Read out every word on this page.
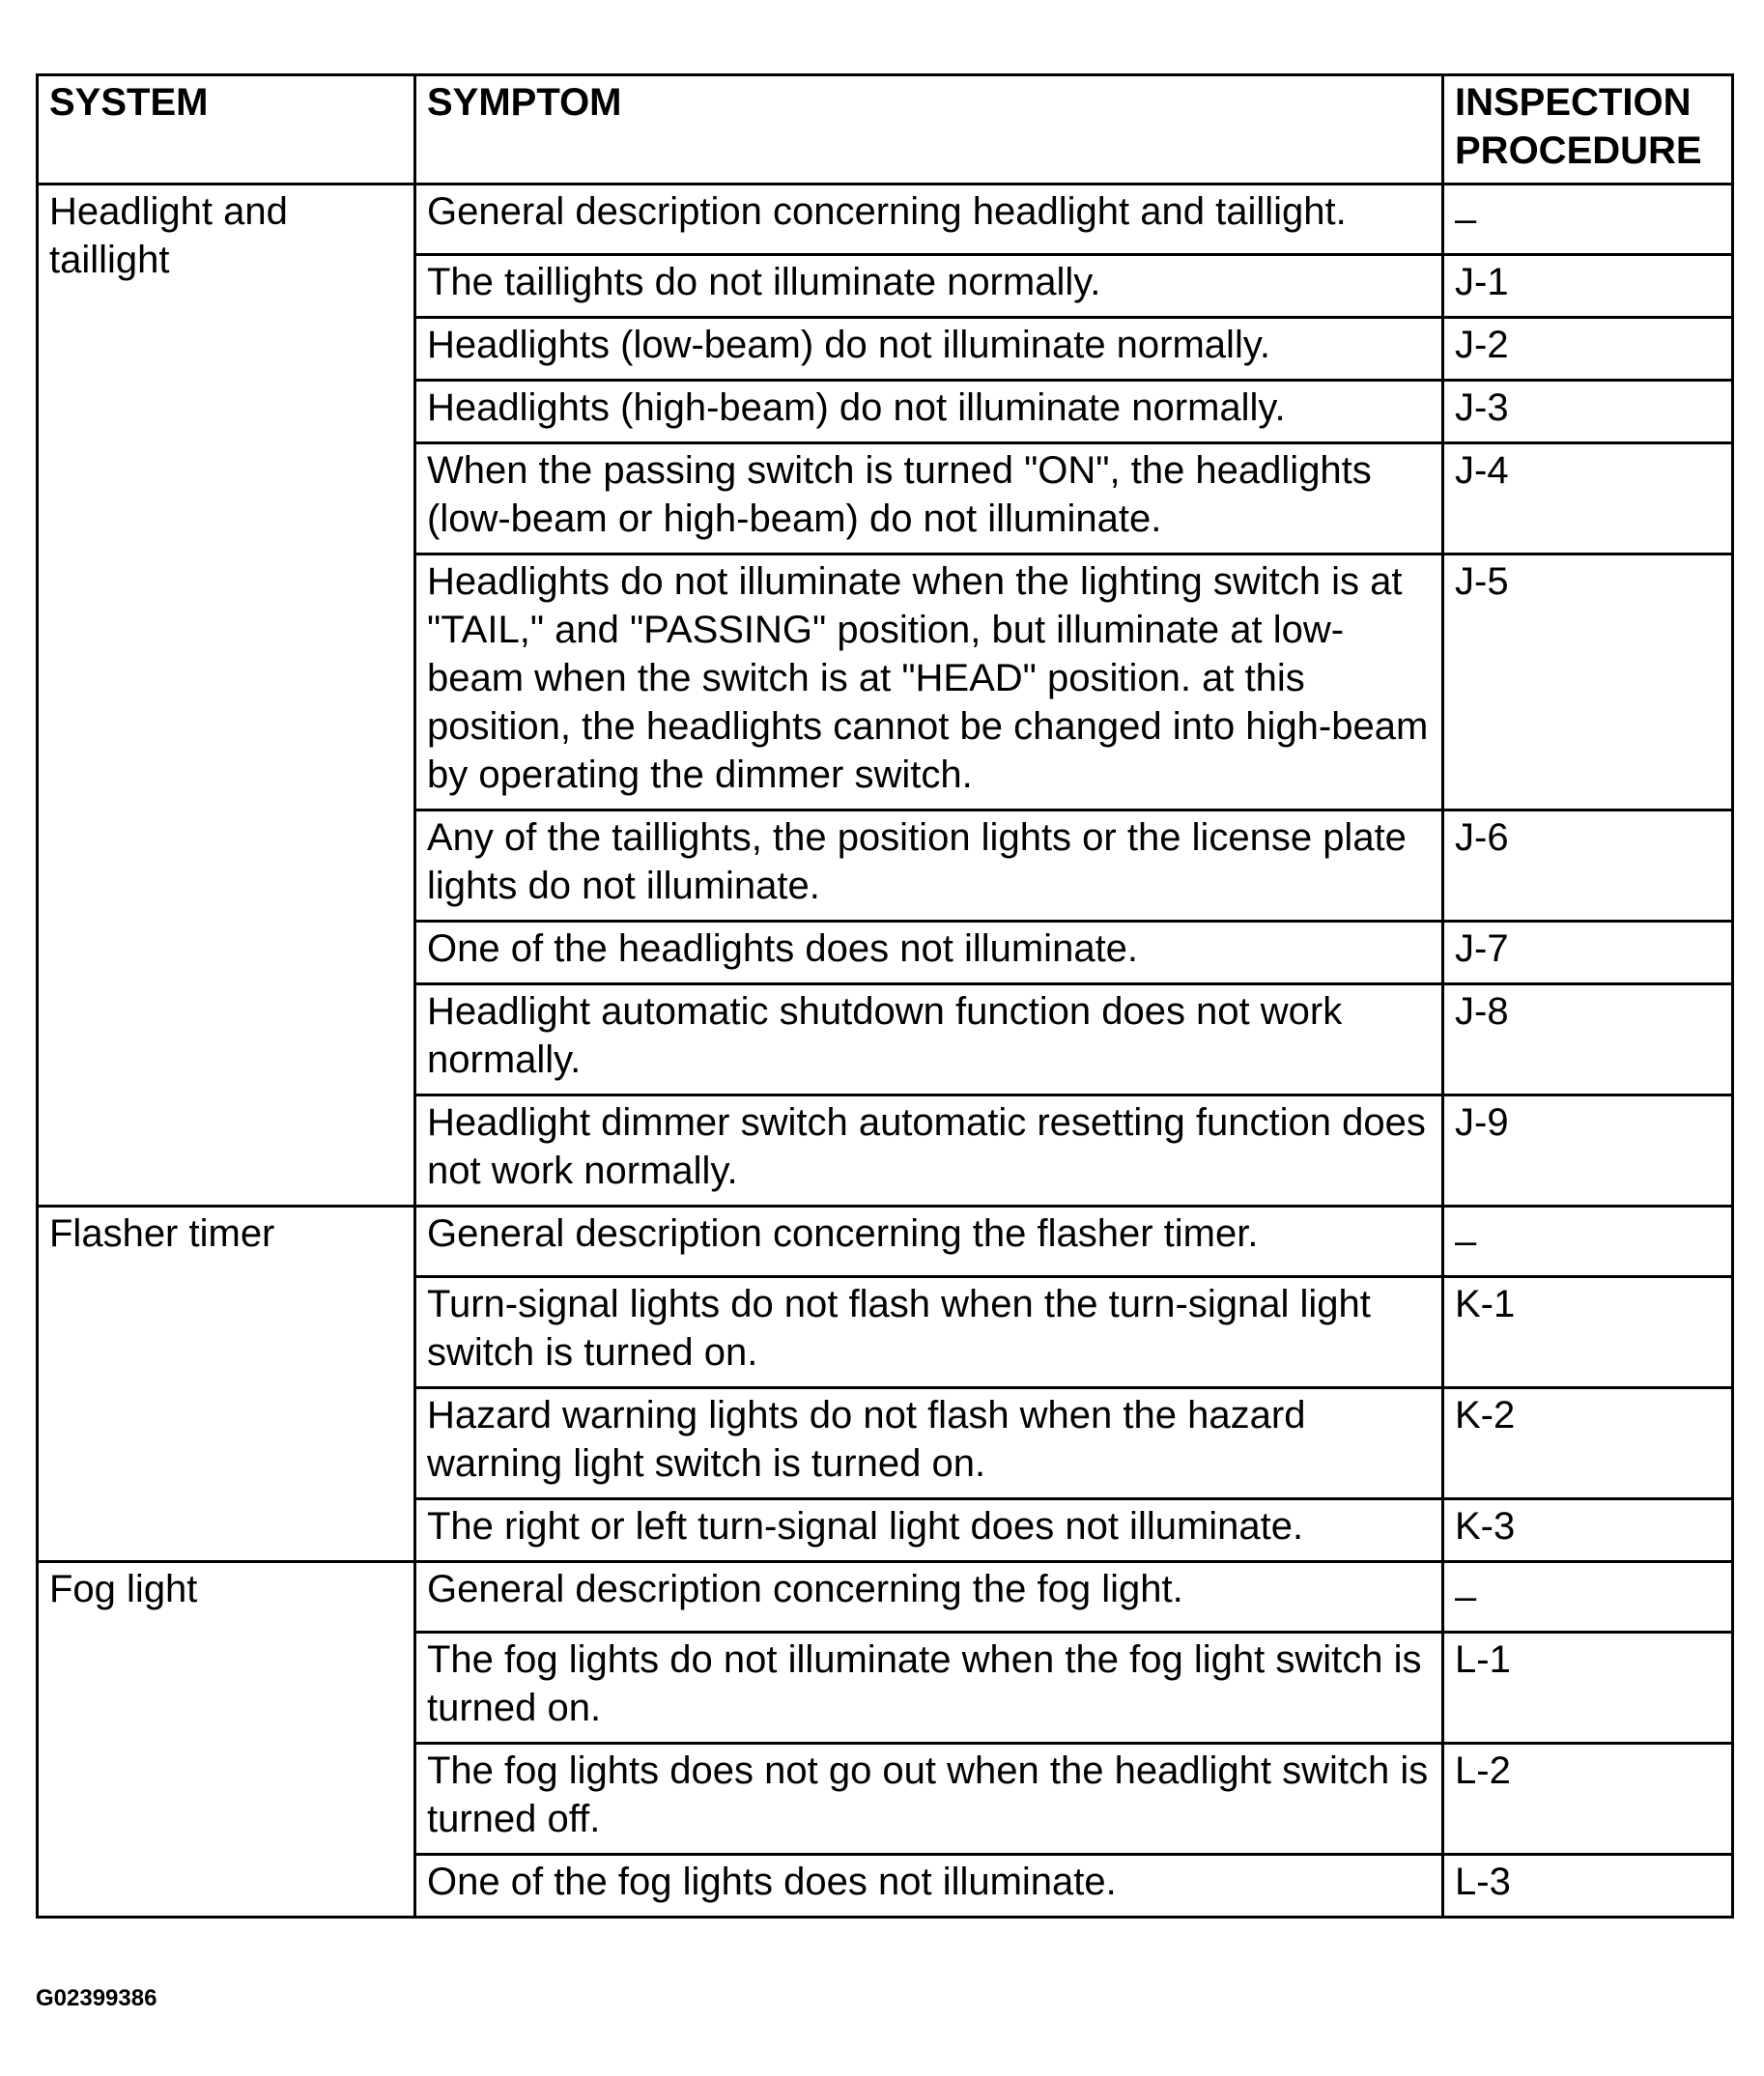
SYSTEM	SYMPTOM	INSPECTION PROCEDURE
Headlight and taillight	General description concerning headlight and taillight.	–
	The taillights do not illuminate normally.	J-1
	Headlights (low-beam) do not illuminate normally.	J-2
	Headlights (high-beam) do not illuminate normally.	J-3
	When the passing switch is turned "ON", the headlights (low-beam or high-beam) do not illuminate.	J-4
	Headlights do not illuminate when the lighting switch is at "TAIL," and "PASSING" position, but illuminate at low-beam when the switch is at "HEAD" position. at this position, the headlights cannot be changed into high-beam by operating the dimmer switch.	J-5
	Any of the taillights, the position lights or the license plate lights do not illuminate.	J-6
	One of the headlights does not illuminate.	J-7
	Headlight automatic shutdown function does not work normally.	J-8
	Headlight dimmer switch automatic resetting function does not work normally.	J-9
Flasher timer	General description concerning the flasher timer.	–
	Turn-signal lights do not flash when the turn-signal light switch is turned on.	K-1
	Hazard warning lights do not flash when the hazard warning light switch is turned on.	K-2
	The right or left turn-signal light does not illuminate.	K-3
Fog light	General description concerning the fog light.	–
	The fog lights do not illuminate when the fog light switch is turned on.	L-1
	The fog lights does not go out when the headlight switch is turned off.	L-2
	One of the fog lights does not illuminate.	L-3
G02399386
